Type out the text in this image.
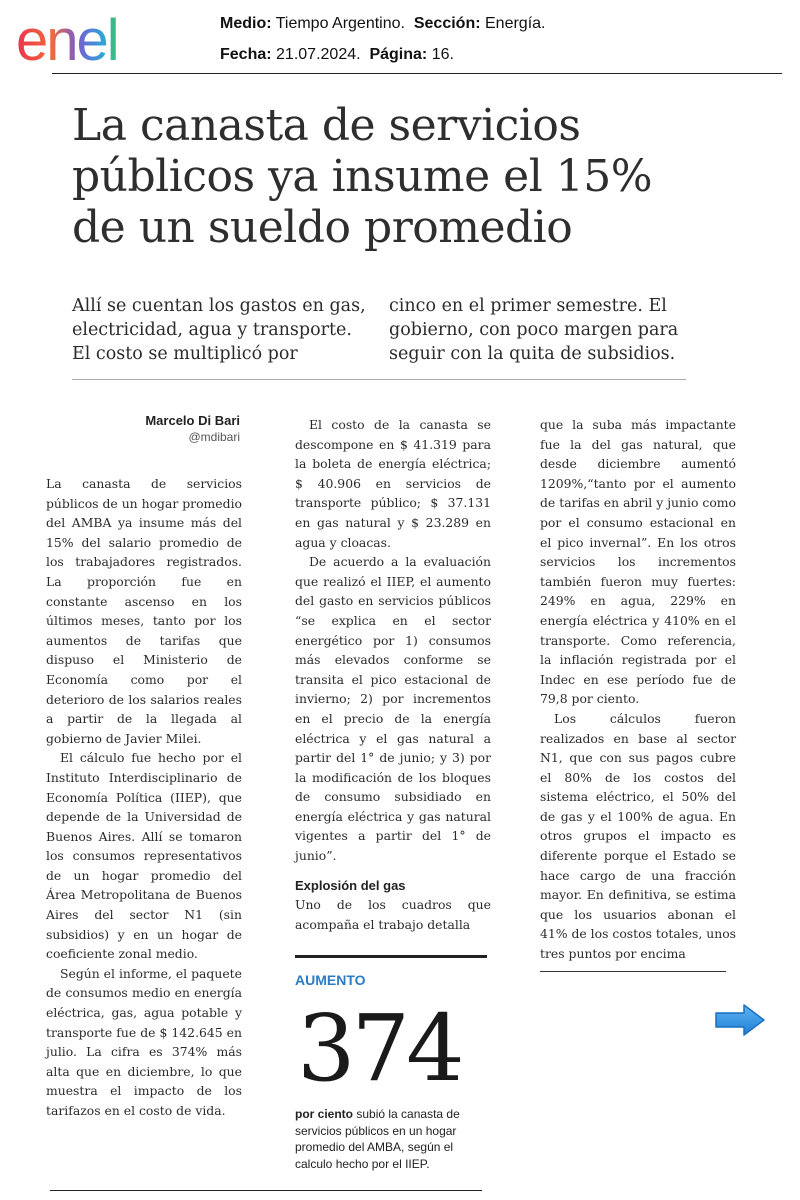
enel	Medio: Tiempo Argentino. Sección: Energía.
Fecha: 21.07.2024. Página: 16.
La canasta de servicios
públicos ya insume el 15%
de un sueldo promedio
Allí se cuentan los gastos en gas,
electricidad, agua y transporte.
El costo se multiplicó por
cinco en el primer semestre. El
gobierno, con poco margen para
seguir con la quita de subsidios.
Marcelo Di Bari
@mdibari

La canasta de servicios públicos de un hogar promedio del AMBA ya insume más del 15% del salario promedio de los trabajadores registrados. La proporción fue en constante ascenso en los últimos meses, tanto por los aumentos de tarifas que dispuso el Ministerio de Economía como por el deterioro de los salarios reales a partir de la llegada al gobierno de Javier Milei.

El cálculo fue hecho por el Instituto Interdisciplinario de Economía Política (IIEP), que depende de la Universidad de Buenos Aires. Allí se tomaron los consumos representativos de un hogar promedio del Área Metropolitana de Buenos Aires del sector N1 (sin subsidios) y en un hogar de coeficiente zonal medio.

Según el informe, el paquete de consumos medio en energía eléctrica, gas, agua potable y transporte fue de $ 142.645 en julio. La cifra es 374% más alta que en diciembre, lo que muestra el impacto de los tarifazos en el costo de vida.

El costo de la canasta se descompone en $ 41.319 para la boleta de energía eléctrica; $ 40.906 en servicios de transporte público; $ 37.131 en gas natural y $ 23.289 en agua y cloacas.

De acuerdo a la evaluación que realizó el IIEP, el aumento del gasto en servicios públicos “se explica en el sector energético por 1) consumos más elevados conforme se transita el pico estacional de invierno; 2) por incrementos en el precio de la energía eléctrica y el gas natural a partir del 1° de junio; y 3) por la modificación de los bloques de consumo subsidiado en energía eléctrica y gas natural vigentes a partir del 1° de junio”.

Explosión del gas

Uno de los cuadros que acompaña el trabajo detalla

AUMENTO
374
por ciento subió la canasta de servicios públicos en un hogar promedio del AMBA, según el calculo hecho por el IIEP.

que la suba más impactante fue la del gas natural, que desde diciembre aumentó 1209%,“tanto por el aumento de tarifas en abril y junio como por el consumo estacional en el pico invernal”. En los otros servicios los incrementos también fueron muy fuertes: 249% en agua, 229% en energía eléctrica y 410% en el transporte. Como referencia, la inflación registrada por el Indec en ese período fue de 79,8 por ciento.

Los cálculos fueron realizados en base al sector N1, que con sus pagos cubre el 80% de los costos del sistema eléctrico, el 50% del de gas y el 100% de agua. En otros grupos el impacto es diferente porque el Estado se hace cargo de una fracción mayor. En definitiva, se estima que los usuarios abonan el 41% de los costos totales, unos tres puntos por encima
